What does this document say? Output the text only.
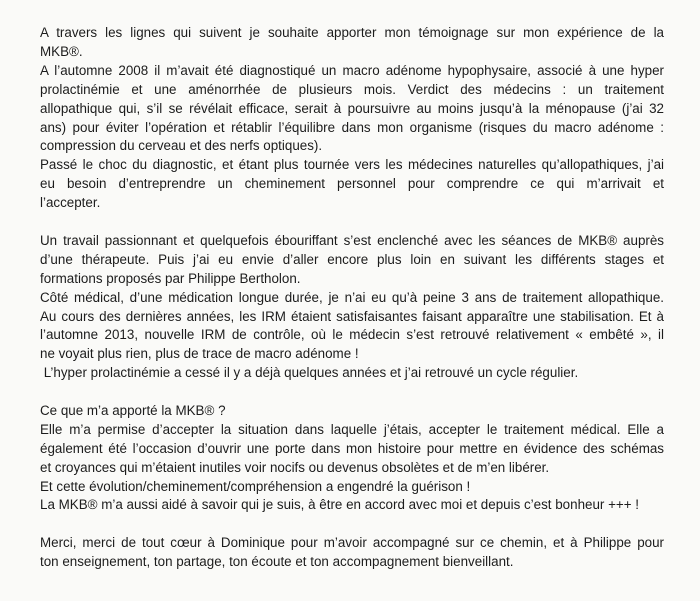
A travers les lignes qui suivent je souhaite apporter mon témoignage sur mon expérience de la
MKB®.
A l’automne 2008 il m’avait été diagnostiqué un macro adénome hypophysaire, associé à une hyper
prolactinémie et une aménorrhée de plusieurs mois. Verdict des médecins : un traitement
allopathique qui, s’il se révélait efficace, serait à poursuivre au moins jusqu’à la ménopause (j’ai 32
ans) pour éviter l’opération et rétablir l’équilibre dans mon organisme (risques du macro adénome :
compression du cerveau et des nerfs optiques).
Passé le choc du diagnostic, et étant plus tournée vers les médecines naturelles qu’allopathiques, j’ai
eu besoin d’entreprendre un cheminement personnel pour comprendre ce qui m’arrivait et
l’accepter.
Un travail passionnant et quelquefois ébouriffant s’est enclenché avec les séances de MKB® auprès
d’une thérapeute. Puis j’ai eu envie d’aller encore plus loin en suivant les différents stages et
formations proposés par Philippe Bertholon.
Côté médical, d’une médication longue durée, je n’ai eu qu’à peine 3 ans de traitement allopathique.
Au cours des dernières années, les IRM étaient satisfaisantes faisant apparaître une stabilisation. Et à
l’automne 2013, nouvelle IRM de contrôle, où le médecin s’est retrouvé relativement « embêté », il
ne voyait plus rien, plus de trace de macro adénome !
L’hyper prolactinémie a cessé il y a déjà quelques années et j’ai retrouvé un cycle régulier.
Ce que m’a apporté la MKB® ?
Elle m’a permise d’accepter la situation dans laquelle j’étais, accepter le traitement médical. Elle a
également été l’occasion d’ouvrir une porte dans mon histoire pour mettre en évidence des schémas
et croyances qui m’étaient inutiles voir nocifs ou devenus obsolètes et de m’en libérer.
Et cette évolution/cheminement/compréhension a engendré la guérison !
La MKB® m’a aussi aidé à savoir qui je suis, à être en accord avec moi et depuis c’est bonheur +++ !
Merci, merci de tout cœur à Dominique pour m’avoir accompagné sur ce chemin, et à Philippe pour
ton enseignement, ton partage, ton écoute et ton accompagnement bienveillant.
